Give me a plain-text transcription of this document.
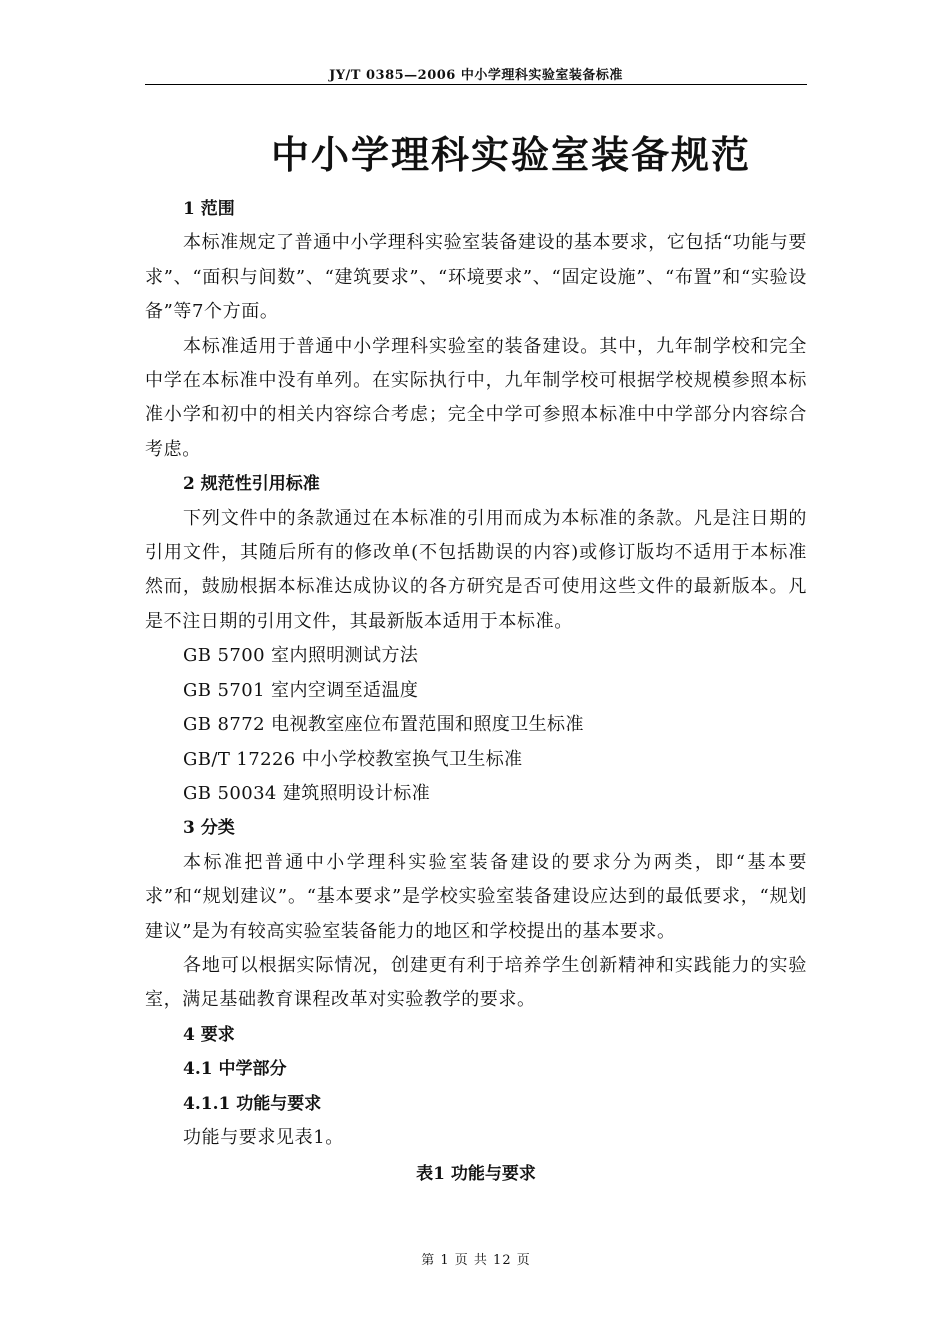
JY/T 0385—2006 中小学理科实验室装备标准
中小学理科实验室装备规范

1 范围

本标准规定了普通中小学理科实验室装备建设的基本要求，它包括“功能与要求”、“面积与间数”、“建筑要求”、“环境要求”、“固定设施”、“布置”和“实验设备”等7个方面。

本标准适用于普通中小学理科实验室的装备建设。其中，九年制学校和完全中学在本标准中没有单列。在实际执行中，九年制学校可根据学校规模参照本标准小学和初中的相关内容综合考虑；完全中学可参照本标准中中学部分内容综合考虑。

2 规范性引用标准

下列文件中的条款通过在本标准的引用而成为本标准的条款。凡是注日期的引用文件，其随后所有的修改单(不包括勘误的内容)或修订版均不适用于本标准然而，鼓励根据本标准达成协议的各方研究是否可使用这些文件的最新版本。凡是不注日期的引用文件，其最新版本适用于本标准。

GB 5700 室内照明测试方法

GB 5701 室内空调至适温度

GB 8772 电视教室座位布置范围和照度卫生标准

GB/T 17226 中小学校教室换气卫生标准

GB 50034 建筑照明设计标准

3 分类

本标准把普通中小学理科实验室装备建设的要求分为两类，即“基本要求”和“规划建议”。“基本要求”是学校实验室装备建设应达到的最低要求，“规划建议”是为有较高实验室装备能力的地区和学校提出的基本要求。

各地可以根据实际情况，创建更有利于培养学生创新精神和实践能力的实验室，满足基础教育课程改革对实验教学的要求。

4 要求

4.1 中学部分

4.1.1 功能与要求

功能与要求见表1。

表1 功能与要求

第 1 页 共 12 页
